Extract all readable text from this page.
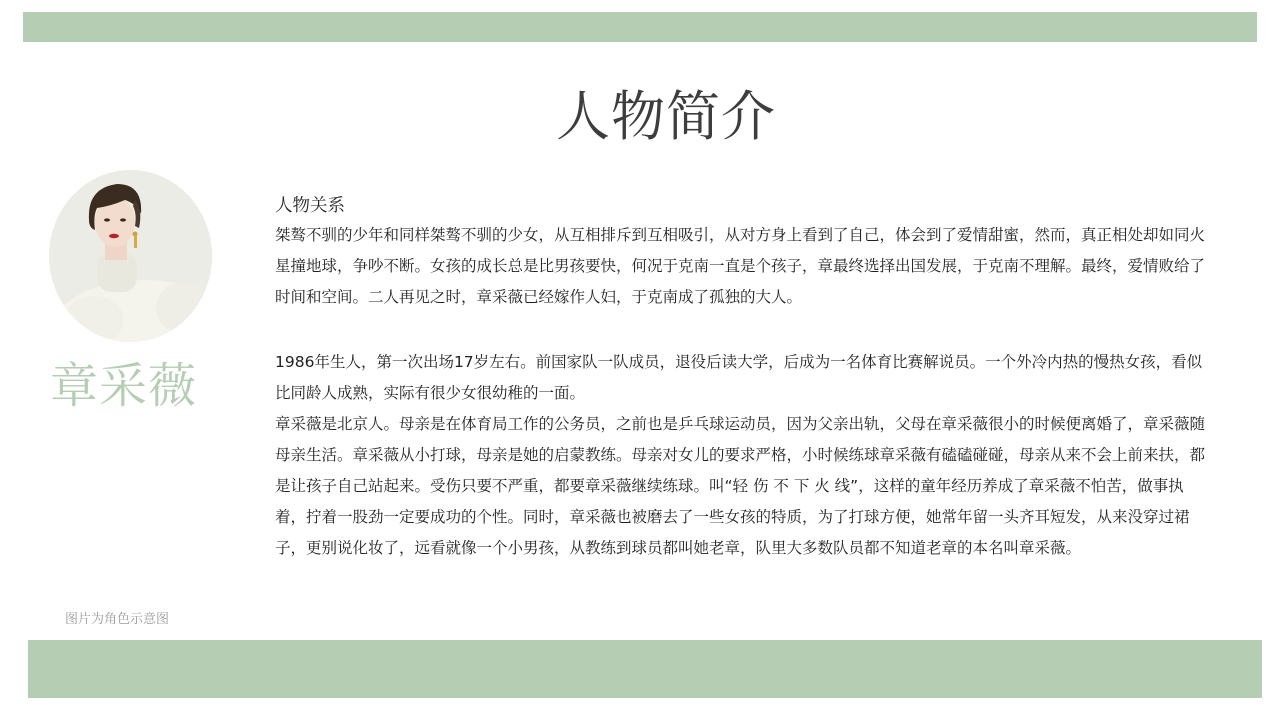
人物简介
章采薇
图片为角色示意图
人物关系
桀骜不驯的少年和同样桀骜不驯的少女，从互相排斥到互相吸引，从对方身上看到了自己，体会到了爱情甜蜜，然而，真正相处却如同火星撞地球，争吵不断。女孩的成长总是比男孩要快，何况于克南一直是个孩子，章最终选择出国发展，于克南不理解。最终，爱情败给了时间和空间。二人再见之时，章采薇已经嫁作人妇，于克南成了孤独的大人。

1986年生人，第一次出场17岁左右。前国家队一队成员，退役后读大学，后成为一名体育比赛解说员。一个外冷内热的慢热女孩，看似比同龄人成熟，实际有很少女很幼稚的一面。

章采薇是北京人。母亲是在体育局工作的公务员，之前也是乒乓球运动员，因为父亲出轨，父母在章采薇很小的时候便离婚了，章采薇随母亲生活。章采薇从小打球，母亲是她的启蒙教练。母亲对女儿的要求严格，小时候练球章采薇有磕磕碰碰，母亲从来不会上前来扶，都是让孩子自己站起来。受伤只要不严重，都要章采薇继续练球。叫“轻 伤 不 下 火 线”，这样的童年经历养成了章采薇不怕苦，做事执着，拧着一股劲一定要成功的个性。同时，章采薇也被磨去了一些女孩的特质，为了打球方便，她常年留一头齐耳短发，从来没穿过裙子，更别说化妆了，远看就像一个小男孩，从教练到球员都叫她老章，队里大多数队员都不知道老章的本名叫章采薇。
